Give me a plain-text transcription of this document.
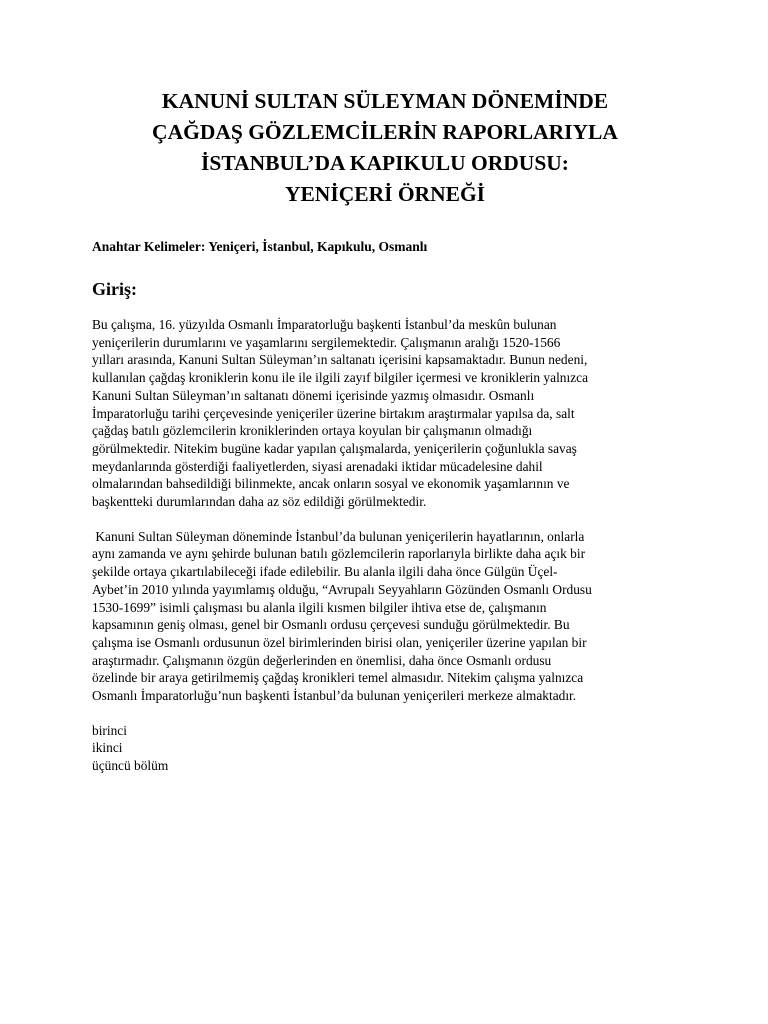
KANUNİ SULTAN SÜLEYMAN DÖNEMİNDE
ÇAĞDAŞ GÖZLEMCİLERİN RAPORLARIYLA
İSTANBUL’DA KAPIKULU ORDUSU:
YENİÇERİ ÖRNEĞİ
Anahtar Kelimeler: Yeniçeri, İstanbul, Kapıkulu, Osmanlı
Giriş:
Bu çalışma, 16. yüzyılda Osmanlı İmparatorluğu başkenti İstanbul’da meskûn bulunan
yeniçerilerin durumlarını ve yaşamlarını sergilemektedir. Çalışmanın aralığı 1520-1566
yılları arasında, Kanuni Sultan Süleyman’ın saltanatı içerisini kapsamaktadır. Bunun nedeni,
kullanılan çağdaş kroniklerin konu ile ile ilgili zayıf bilgiler içermesi ve kroniklerin yalnızca
Kanuni Sultan Süleyman’ın saltanatı dönemi içerisinde yazmış olmasıdır. Osmanlı
İmparatorluğu tarihi çerçevesinde yeniçeriler üzerine birtakım araştırmalar yapılsa da, salt
çağdaş batılı gözlemcilerin kroniklerinden ortaya koyulan bir çalışmanın olmadığı
görülmektedir. Nitekim bugüne kadar yapılan çalışmalarda, yeniçerilerin çoğunlukla savaş
meydanlarında gösterdiği faaliyetlerden, siyasi arenadaki iktidar mücadelesine dahil
olmalarından bahsedildiği bilinmekte, ancak onların sosyal ve ekonomik yaşamlarının ve
başkentteki durumlarından daha az söz edildiği görülmektedir.
Kanuni Sultan Süleyman döneminde İstanbul’da bulunan yeniçerilerin hayatlarının, onlarla
aynı zamanda ve aynı şehirde bulunan batılı gözlemcilerin raporlarıyla birlikte daha açık bir
şekilde ortaya çıkartılabileceği ifade edilebilir. Bu alanla ilgili daha önce Gülgün Üçel-
Aybet’in 2010 yılında yayımlamış olduğu, “Avrupalı Seyyahların Gözünden Osmanlı Ordusu
1530-1699” isimli çalışması bu alanla ilgili kısmen bilgiler ihtiva etse de, çalışmanın
kapsamının geniş olması, genel bir Osmanlı ordusu çerçevesi sunduğu görülmektedir. Bu
çalışma ise Osmanlı ordusunun özel birimlerinden birisi olan, yeniçeriler üzerine yapılan bir
araştırmadır. Çalışmanın özgün değerlerinden en önemlisi, daha önce Osmanlı ordusu
özelinde bir araya getirilmemiş çağdaş kronikleri temel almasıdır. Nitekim çalışma yalnızca
Osmanlı İmparatorluğu’nun başkenti İstanbul’da bulunan yeniçerileri merkeze almaktadır.
birinci
ikinci
üçüncü bölüm
